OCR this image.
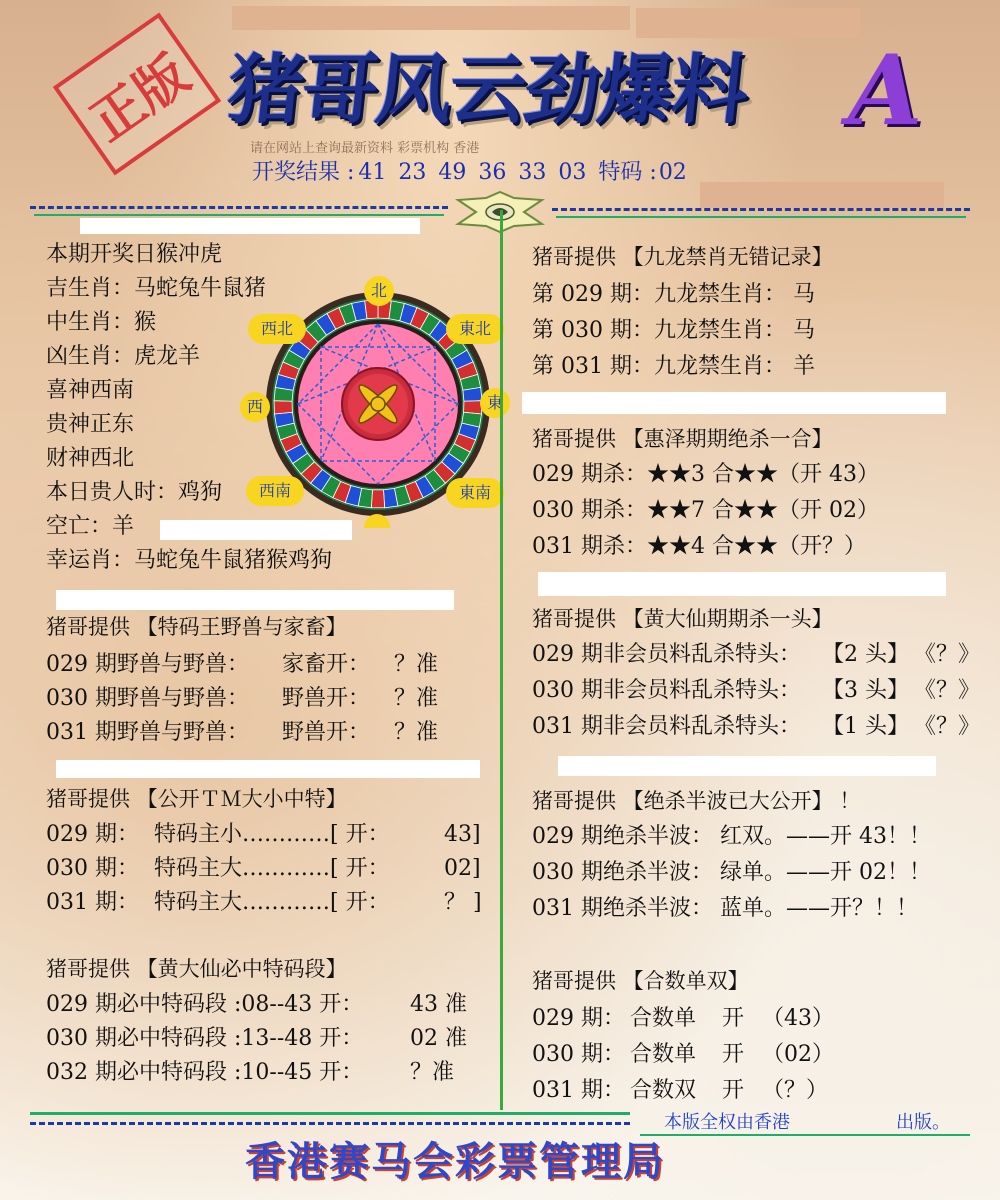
正版 猪哥风云劲爆料 A
请在网站上查询最新资料 彩票机构 香港
开奖结果 : 41 23 49 36 33 03 特码 :02
本期开奖日猴冲虎
吉生肖：马蛇兔牛鼠猪
中生肖：猴
凶生肖：虎龙羊
喜神西南
贵神正东
财神西北
本日贵人时：鸡狗
空亡：羊
幸运肖：马蛇兔牛鼠猪猴鸡狗
北
東北
東
東南
西南
西
西北
猪哥提供 【特码王野兽与家畜】
029 期野兽与野兽： 家畜开： ？准
030 期野兽与野兽： 野兽开： ？准
031 期野兽与野兽： 野兽开： ？准
猪哥提供 【公开ＴＭ大小中特】
029 期： 特码主小…………[ 开： 43]
030 期： 特码主大…………[ 开： 02]
031 期： 特码主大…………[ 开： ？ ]
猪哥提供 【黄大仙必中特码段】
029 期必中特码段 :08--43 开： 43 准
030 期必中特码段 :13--48 开： 02 准
032 期必中特码段 :10--45 开： ？准
猪哥提供 【九龙禁肖无错记录】
第 029 期：九龙禁生肖： 马
第 030 期：九龙禁生肖： 马
第 031 期：九龙禁生肖： 羊
猪哥提供 【惠泽期期绝杀一合】
029 期杀：★★3 合★★（开 43）
030 期杀：★★7 合★★（开 02）
031 期杀：★★4 合★★（开？）
猪哥提供 【黄大仙期期杀一头】
029 期非会员料乱杀特头： 【2 头】 《？》
030 期非会员料乱杀特头： 【3 头】 《？》
031 期非会员料乱杀特头： 【1 头】 《？》
猪哥提供 【绝杀半波已大公开】 ！
029 期绝杀半波： 红双。——开 43！！
030 期绝杀半波： 绿单。——开 02！！
031 期绝杀半波： 蓝单。——开？！！
猪哥提供 【合数单双】
029 期： 合数单 开 （43）
030 期： 合数单 开 （02）
031 期： 合数双 开 （？）
本版全权由香港	出版。
香港赛马会彩票管理局
